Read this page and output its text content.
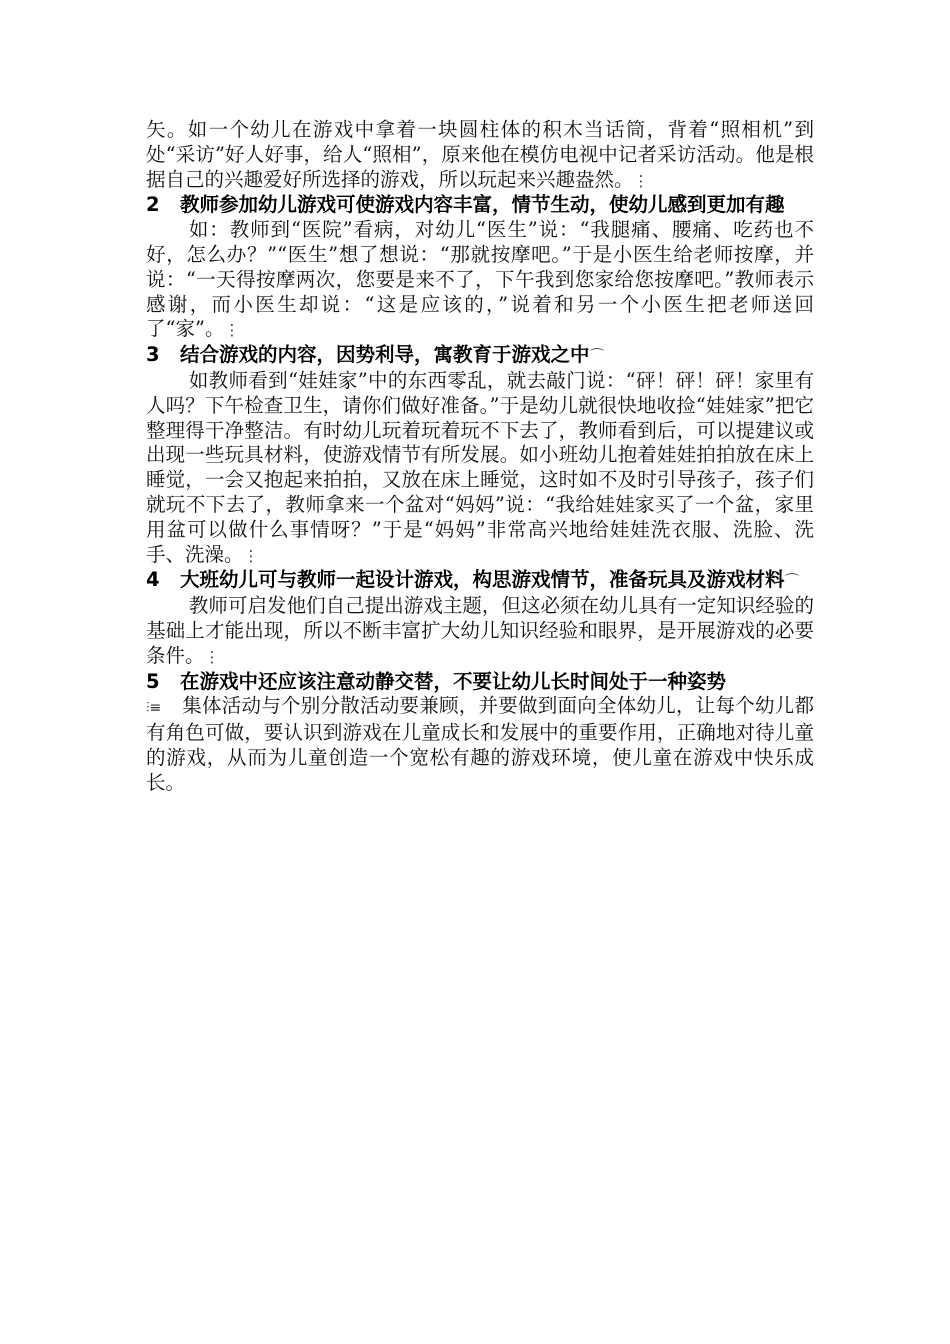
矢。如一个幼儿在游戏中拿着一块圆柱体的积木当话筒，背着“照相机”到处“采访”好人好事，给人“照相”，原来他在模仿电视中记者采访活动。他是根据自己的兴趣爱好所选择的游戏，所以玩起来兴趣盎然。⋮

2 教师参加幼儿游戏可使游戏内容丰富，情节生动，使幼儿感到更加有趣

如：教师到“医院”看病，对幼儿“医生”说：“我腿痛、腰痛、吃药也不好，怎么办？”“医生”想了想说：“那就按摩吧。”于是小医生给老师按摩，并说：“一天得按摩两次，您要是来不了，下午我到您家给您按摩吧。”教师表示感谢，而小医生却说：“这是应该的，”说着和另一个小医生把老师送回了“家”。⋮

3 结合游戏的内容，因势利导，寓教育于游戏之中⌒

如教师看到“娃娃家”中的东西零乱，就去敲门说：“砰！砰！砰！家里有人吗？下午检查卫生，请你们做好准备。”于是幼儿就很快地收捡“娃娃家”把它整理得干净整洁。有时幼儿玩着玩着玩不下去了，教师看到后，可以提建议或出现一些玩具材料，使游戏情节有所发展。如小班幼儿抱着娃娃拍拍放在床上睡觉，一会又抱起来拍拍，又放在床上睡觉，这时如不及时引导孩子，孩子们就玩不下去了，教师拿来一个盆对“妈妈”说：“我给娃娃家买了一个盆，家里用盆可以做什么事情呀？”于是“妈妈”非常高兴地给娃娃洗衣服、洗脸、洗手、洗澡。⋮

4 大班幼儿可与教师一起设计游戏，构思游戏情节，准备玩具及游戏材料⌒

教师可启发他们自己提出游戏主题，但这必须在幼儿具有一定知识经验的基础上才能出现，所以不断丰富扩大幼儿知识经验和眼界，是开展游戏的必要条件。⋮

5 在游戏中还应该注意动静交替，不要让幼儿长时间处于一种姿势

⫶≡ 集体活动与个别分散活动要兼顾，并要做到面向全体幼儿，让每个幼儿都有角色可做，要认识到游戏在儿童成长和发展中的重要作用，正确地对待儿童的游戏，从而为儿童创造一个宽松有趣的游戏环境，使儿童在游戏中快乐成长。
